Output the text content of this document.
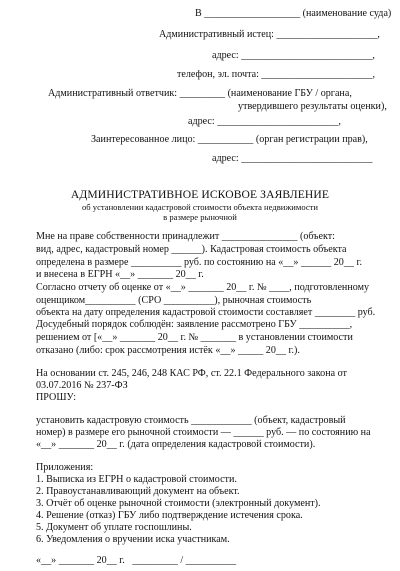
В ___________________ (наименование суда)
Административный истец: ____________________,
адрес: __________________________,
телефон, эл. почта: ______________________,
Административный ответчик: _________ (наименование ГБУ / органа,
утвердившего результаты оценки),
адрес: ________________________,
Заинтересованное лицо: ___________ (орган регистрации прав),
адрес: __________________________
АДМИНИСТРАТИВНОЕ ИСКОВОЕ ЗАЯВЛЕНИЕ
об установлении кадастровой стоимости объекта недвижимости
в размере рыночной
Мне на праве собственности принадлежит _______________ (объект:
вид, адрес, кадастровый номер ______). Кадастровая стоимость объекта
определена в размере __________ руб. по состоянию на «__» ______ 20__ г.
и внесена в ЕГРН «__» _______ 20__ г.
Согласно отчету об оценке от «__» _______ 20__ г. № ____, подготовленному
оценщиком__________ (СРО __________), рыночная стоимость
объекта на дату определения кадастровой стоимости составляет ________ руб.
Досудебный порядок соблюдён: заявление рассмотрено ГБУ __________,
решением от [«__» _______ 20__ г. № _______ в установлении стоимости
отказано (либо: срок рассмотрения истёк «__» _____ 20__ г.).
На основании ст. 245, 246, 248 КАС РФ, ст. 22.1 Федерального закона от
03.07.2016 № 237-ФЗ
ПРОШУ:
установить кадастровую стоимость ____________ (объект, кадастровый
номер) в размере его рыночной стоимости — ______ руб. — по состоянию на
«__» _______ 20__ г. (дата определения кадастровой стоимости).
Приложения:
1. Выписка из ЕГРН о кадастровой стоимости.
2. Правоустанавливающий документ на объект.
3. Отчёт об оценке рыночной стоимости (электронный документ).
4. Решение (отказ) ГБУ либо подтверждение истечения срока.
5. Документ об уплате госпошлины.
6. Уведомления о вручении иска участникам.
«__» _______ 20__ г.   _________ / __________
